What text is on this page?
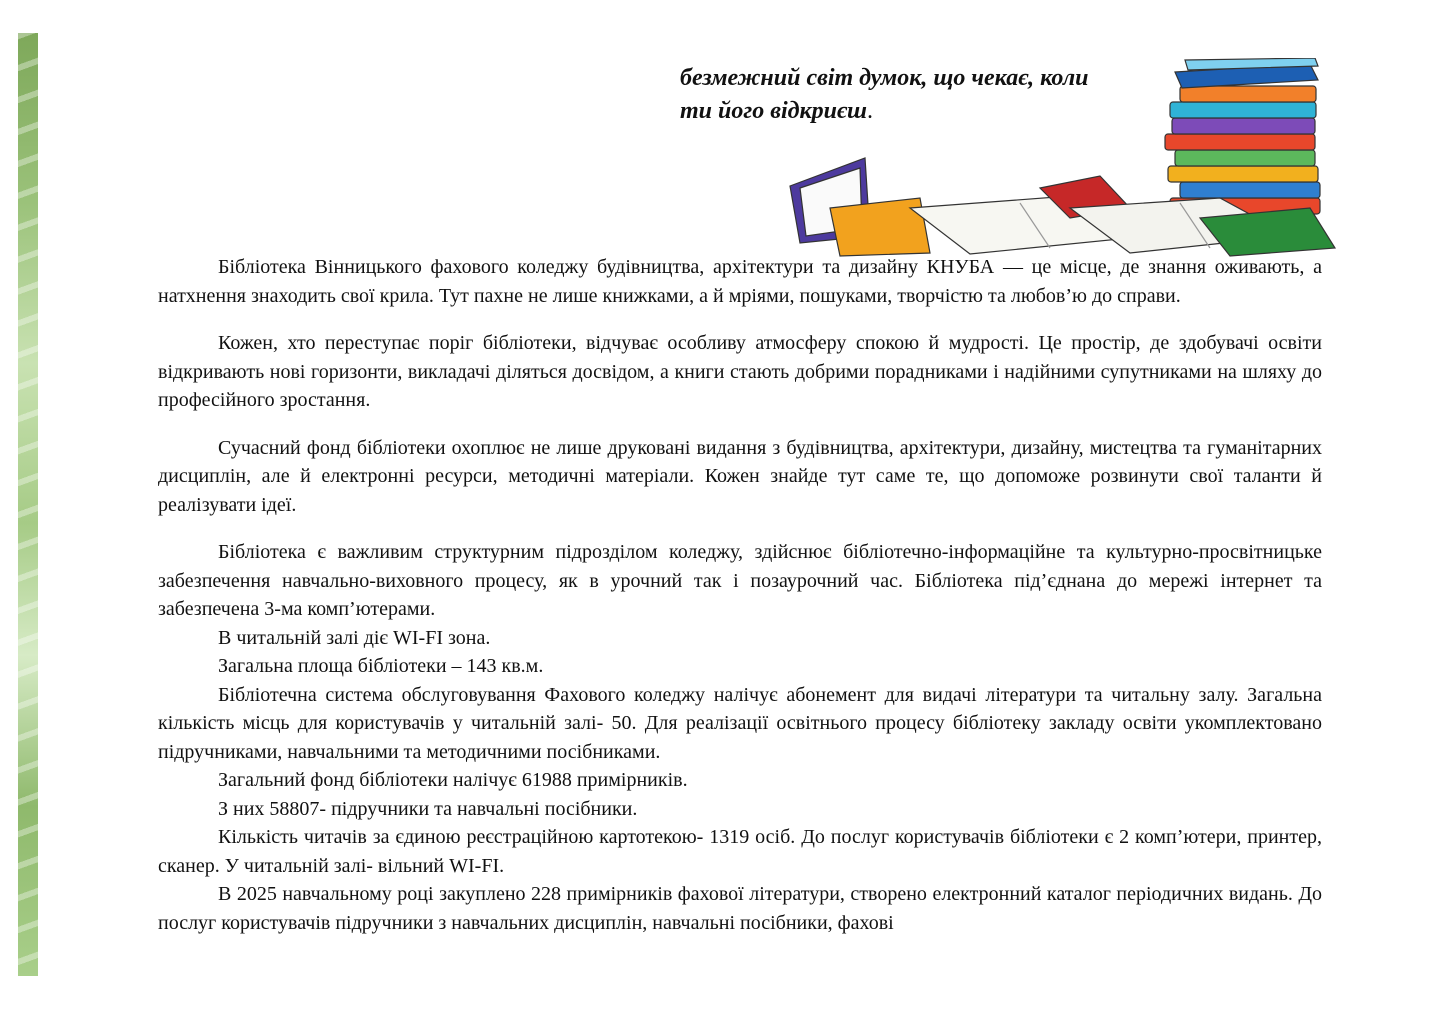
безмежний світ думок, що чекає, коли
ти його відкриєш.

Бібліотека Вінницького фахового коледжу будівництва, архітектури та дизайну КНУБА — це місце, де знання оживають, а натхнення знаходить свої крила. Тут пахне не лише книжками, а й мріями, пошуками, творчістю та любов’ю до справи.

Кожен, хто переступає поріг бібліотеки, відчуває особливу атмосферу спокою й мудрості. Це простір, де здобувачі освіти відкривають нові горизонти, викладачі діляться досвідом, а книги стають добрими порадниками і надійними супутниками на шляху до професійного зростання.

Сучасний фонд бібліотеки охоплює не лише друковані видання з будівництва, архітектури, дизайну, мистецтва та гуманітарних дисциплін, але й електронні ресурси, методичні матеріали. Кожен знайде тут саме те, що допоможе розвинути свої таланти й реалізувати ідеї.

Бібліотека є важливим структурним підрозділом коледжу, здійснює бібліотечно-інформаційне та культурно-просвітницьке забезпечення навчально-виховного процесу, як в урочний так і позаурочний час. Бібліотека під’єднана до мережі інтернет та забезпечена 3-ма комп’ютерами.

В читальній залі діє WI-FI зона.

Загальна площа бібліотеки – 143 кв.м.

Бібліотечна система обслуговування Фахового коледжу налічує абонемент для видачі літератури та читальну залу. Загальна кількість місць для користувачів у читальній залі- 50. Для реалізації освітнього процесу бібліотеку закладу освіти укомплектовано підручниками, навчальними та методичними посібниками.

Загальний фонд бібліотеки налічує 61988 примірників.

З них 58807- підручники та навчальні посібники.

Кількість читачів за єдиною реєстраційною картотекою- 1319 осіб. До послуг користувачів бібліотеки є 2 комп’ютери, принтер, сканер. У читальній залі- вільний WI-FI.

В 2025 навчальному році закуплено 228 примірників фахової літератури, створено електронний каталог періодичних видань. До послуг користувачів підручники з навчальних дисциплін, навчальні посібники, фахові
